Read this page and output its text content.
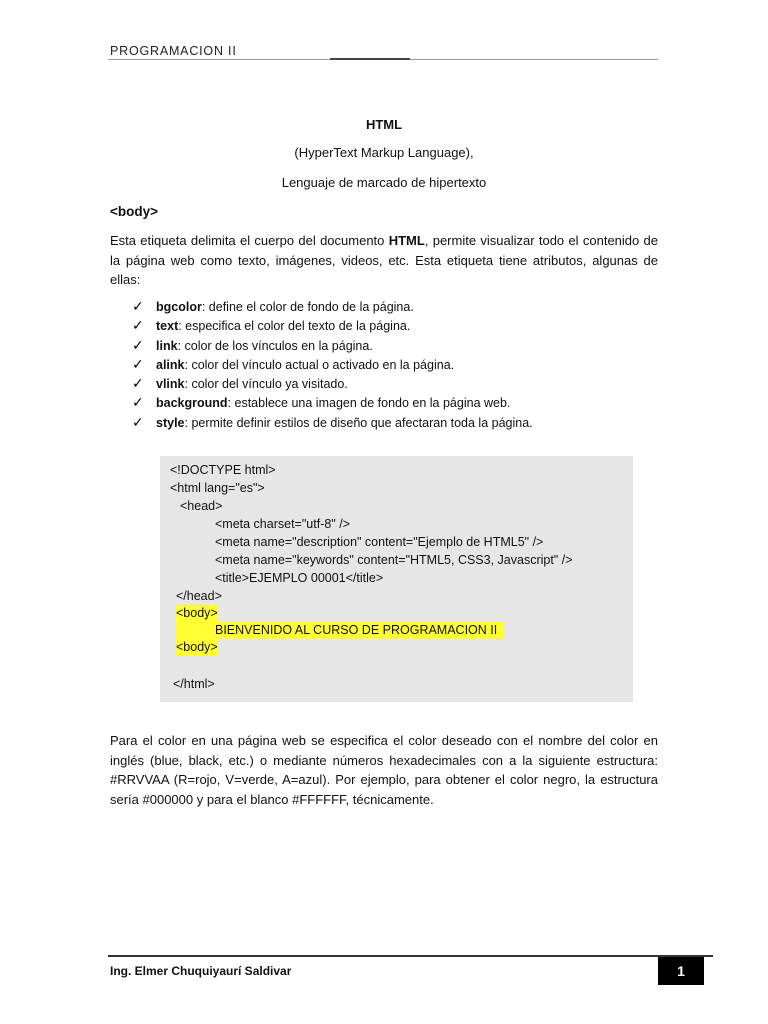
PROGRAMACION II
HTML
(HyperText Markup Language),
Lenguaje de marcado de hipertexto
<body>
Esta etiqueta delimita el cuerpo del documento HTML, permite visualizar todo el contenido de la página web como texto, imágenes, videos, etc. Esta etiqueta tiene atributos, algunas de ellas:
✓ bgcolor: define el color de fondo de la página.
✓ text: especifica el color del texto de la página.
✓ link: color de los vínculos en la página.
✓ alink: color del vínculo actual o activado en la página.
✓ vlink: color del vínculo ya visitado.
✓ background: establece una imagen de fondo en la página web.
✓ style: permite definir estilos de diseño que afectaran toda la página.
<!DOCTYPE html>
<html lang="es">
<head>
<meta charset="utf-8" />
<meta name="description" content="Ejemplo de HTML5" />
<meta name="keywords" content="HTML5, CSS3, Javascript" />
<title>EJEMPLO 00001</title>
</head>
<body>
BIENVENIDO AL CURSO DE PROGRAMACION II
<body>
</html>
Para el color en una página web se especifica el color deseado con el nombre del color en inglés (blue, black, etc.) o mediante números hexadecimales con a la siguiente estructura: #RRVVAA (R=rojo, V=verde, A=azul). Por ejemplo, para obtener el color negro, la estructura sería #000000 y para el blanco #FFFFFF, técnicamente.
Ing. Elmer Chuquiyaurí Saldivar	1
